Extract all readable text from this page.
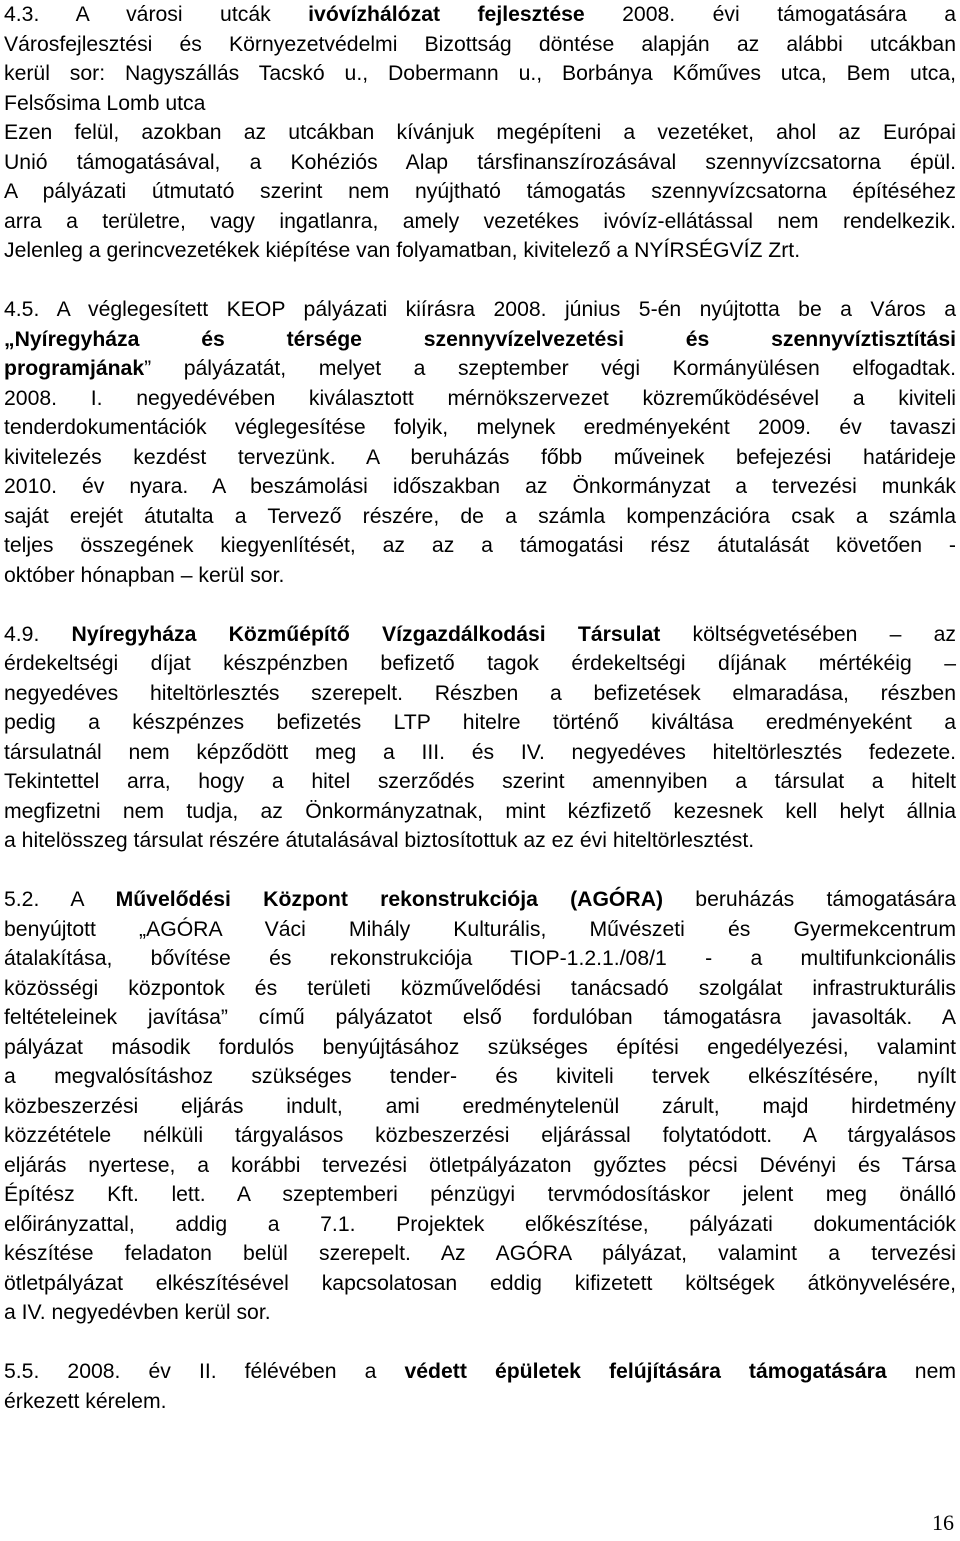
4.3. A városi utcák ivóvízhálózat fejlesztése 2008. évi támogatására a
Városfejlesztési és Környezetvédelmi Bizottság döntése alapján az alábbi utcákban
kerül sor: Nagyszállás Tacskó u., Dobermann u., Borbánya Kőműves utca, Bem utca,
Felsősima Lomb utca
Ezen felül, azokban az utcákban kívánjuk megépíteni a vezetéket, ahol az Európai
Unió támogatásával, a Kohéziós Alap társfinanszírozásával szennyvízcsatorna épül.
A pályázati útmutató szerint nem nyújtható támogatás szennyvízcsatorna építéséhez
arra a területre, vagy ingatlanra, amely vezetékes ivóvíz-ellátással nem rendelkezik.
Jelenleg a gerincvezetékek kiépítése van folyamatban, kivitelező a NYÍRSÉGVÍZ Zrt.
4.5. A véglegesített KEOP pályázati kiírásra 2008. június 5-én nyújtotta be a Város a
„Nyíregyháza és térsége szennyvízelvezetési és szennyvíztisztítási
programjának” pályázatát, melyet a szeptember végi Kormányülésen elfogadtak.
2008. I. negyedévében kiválasztott mérnökszervezet közreműködésével a kiviteli
tenderdokumentációk véglegesítése folyik, melynek eredményeként 2009. év tavaszi
kivitelezés kezdést tervezünk. A beruházás főbb műveinek befejezési határideje
2010. év nyara. A beszámolási időszakban az Önkormányzat a tervezési munkák
saját erejét átutalta a Tervező részére, de a számla kompenzációra csak a számla
teljes összegének kiegyenlítését, az az a támogatási rész átutalását követően -
október hónapban – kerül sor.
4.9. Nyíregyháza Közműépítő Vízgazdálkodási Társulat költségvetésében – az
érdekeltségi díjat készpénzben befizető tagok érdekeltségi díjának mértékéig –
negyedéves hiteltörlesztés szerepelt. Részben a befizetések elmaradása, részben
pedig a készpénzes befizetés LTP hitelre történő kiváltása eredményeként a
társulatnál nem képződött meg a III. és IV. negyedéves hiteltörlesztés fedezete.
Tekintettel arra, hogy a hitel szerződés szerint amennyiben a társulat a hitelt
megfizetni nem tudja, az Önkormányzatnak, mint kézfizető kezesnek kell helyt állnia
a hitelösszeg társulat részére átutalásával biztosítottuk az ez évi hiteltörlesztést.
5.2. A Művelődési Központ rekonstrukciója (AGÓRA) beruházás támogatására
benyújtott „AGÓRA Váci Mihály Kulturális, Művészeti és Gyermekcentrum
átalakítása, bővítése és rekonstrukciója TIOP-1.2.1./08/1 - a multifunkcionális
közösségi központok és területi közművelődési tanácsadó szolgálat infrastrukturális
feltételeinek javítása” című pályázatot első fordulóban támogatásra javasolták. A
pályázat második fordulós benyújtásához szükséges építési engedélyezési, valamint
a megvalósításhoz szükséges tender- és kiviteli tervek elkészítésére, nyílt
közbeszerzési eljárás indult, ami eredménytelenül zárult, majd hirdetmény
közzététele nélküli tárgyalásos közbeszerzési eljárással folytatódott. A tárgyalásos
eljárás nyertese, a korábbi tervezési ötletpályázaton győztes pécsi Dévényi és Társa
Építész Kft. lett. A szeptemberi pénzügyi tervmódosításkor jelent meg önálló
előirányzattal, addig a 7.1. Projektek előkészítése, pályázati dokumentációk
készítése feladaton belül szerepelt. Az AGÓRA pályázat, valamint a tervezési
ötletpályázat elkészítésével kapcsolatosan eddig kifizetett költségek átkönyvelésére,
a IV. negyedévben kerül sor.
5.5. 2008. év II. félévében a védett épületek felújítására támogatására nem
érkezett kérelem.
16
